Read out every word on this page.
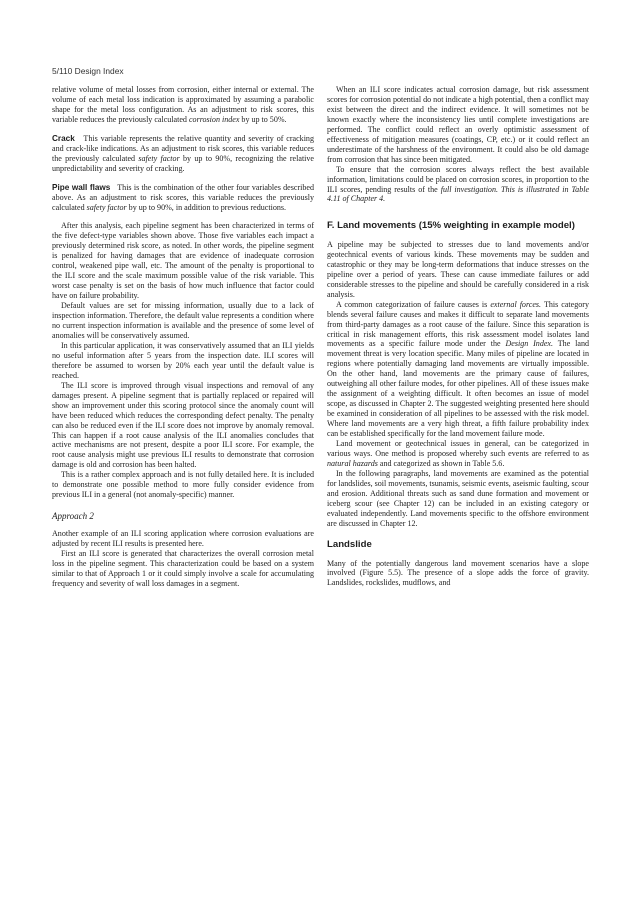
5/110 Design Index

relative volume of metal losses from corrosion, either internal or external. The volume of each metal loss indication is approximated by assuming a parabolic shape for the metal loss configuration. As an adjustment to risk scores, this variable reduces the previously calculated corrosion index by up to 50%.

Crack This variable represents the relative quantity and severity of cracking and crack-like indications. As an adjustment to risk scores, this variable reduces the previously calculated safety factor by up to 90%, recognizing the relative unpredictability and severity of cracking.

Pipe wall flaws This is the combination of the other four variables described above. As an adjustment to risk scores, this variable reduces the previously calculated safety factor by up to 90%, in addition to previous reductions.

After this analysis, each pipeline segment has been characterized in terms of the five defect-type variables shown above. Those five variables each impact a previously determined risk score, as noted. In other words, the pipeline segment is penalized for having damages that are evidence of inadequate corrosion control, weakened pipe wall, etc. The amount of the penalty is proportional to the ILI score and the scale maximum possible value of the risk variable. This worst case penalty is set on the basis of how much influence that factor could have on failure probability.

Default values are set for missing information, usually due to a lack of inspection information. Therefore, the default value represents a condition where no current inspection information is available and the presence of some level of anomalies will be conservatively assumed.

In this particular application, it was conservatively assumed that an ILI yields no useful information after 5 years from the inspection date. ILI scores will therefore be assumed to worsen by 20% each year until the default value is reached.

The ILI score is improved through visual inspections and removal of any damages present. A pipeline segment that is partially replaced or repaired will show an improvement under this scoring protocol since the anomaly count will have been reduced which reduces the corresponding defect penalty. The penalty can also be reduced even if the ILI score does not improve by anomaly removal. This can happen if a root cause analysis of the ILI anomalies concludes that active mechanisms are not present, despite a poor ILI score. For example, the root cause analysis might use previous ILI results to demonstrate that corrosion damage is old and corrosion has been halted.

This is a rather complex approach and is not fully detailed here. It is included to demonstrate one possible method to more fully consider evidence from previous ILI in a general (not anomaly-specific) manner.

Approach 2

Another example of an ILI scoring application where corrosion evaluations are adjusted by recent ILI results is presented here.

First an ILI score is generated that characterizes the overall corrosion metal loss in the pipeline segment. This characterization could be based on a system similar to that of Approach 1 or it could simply involve a scale for accumulating frequency and severity of wall loss damages in a segment.

When an ILI score indicates actual corrosion damage, but risk assessment scores for corrosion potential do not indicate a high potential, then a conflict may exist between the direct and the indirect evidence. It will sometimes not be known exactly where the inconsistency lies until complete investigations are performed. The conflict could reflect an overly optimistic assessment of effectiveness of mitigation measures (coatings, CP, etc.) or it could reflect an underestimate of the harshness of the environment. It could also be old damage from corrosion that has since been mitigated.

To ensure that the corrosion scores always reflect the best available information, limitations could be placed on corrosion scores, in proportion to the ILI scores, pending results of the full investigation. This is illustrated in Table 4.11 of Chapter 4.

F. Land movements (15% weighting in example model)

A pipeline may be subjected to stresses due to land movements and/or geotechnical events of various kinds. These movements may be sudden and catastrophic or they may be long-term deformations that induce stresses on the pipeline over a period of years. These can cause immediate failures or add considerable stresses to the pipeline and should be carefully considered in a risk analysis.

A common categorization of failure causes is external forces. This category blends several failure causes and makes it difficult to separate land movements from third-party damages as a root cause of the failure. Since this separation is critical in risk management efforts, this risk assessment model isolates land movements as a specific failure mode under the Design Index. The land movement threat is very location specific. Many miles of pipeline are located in regions where potentially damaging land movements are virtually impossible. On the other hand, land movements are the primary cause of failures, outweighing all other failure modes, for other pipelines. All of these issues make the assignment of a weighting difficult. It often becomes an issue of model scope, as discussed in Chapter 2. The suggested weighting presented here should be examined in consideration of all pipelines to be assessed with the risk model. Where land movements are a very high threat, a fifth failure probability index can be established specifically for the land movement failure mode.

Land movement or geotechnical issues in general, can be categorized in various ways. One method is proposed whereby such events are referred to as natural hazards and categorized as shown in Table 5.6.

In the following paragraphs, land movements are examined as the potential for landslides, soil movements, tsunamis, seismic events, aseismic faulting, scour and erosion. Additional threats such as sand dune formation and movement or iceberg scour (see Chapter 12) can be included in an existing category or evaluated independently. Land movements specific to the offshore environment are discussed in Chapter 12.

Landslide

Many of the potentially dangerous land movement scenarios have a slope involved (Figure 5.5). The presence of a slope adds the force of gravity. Landslides, rockslides, mudflows, and
